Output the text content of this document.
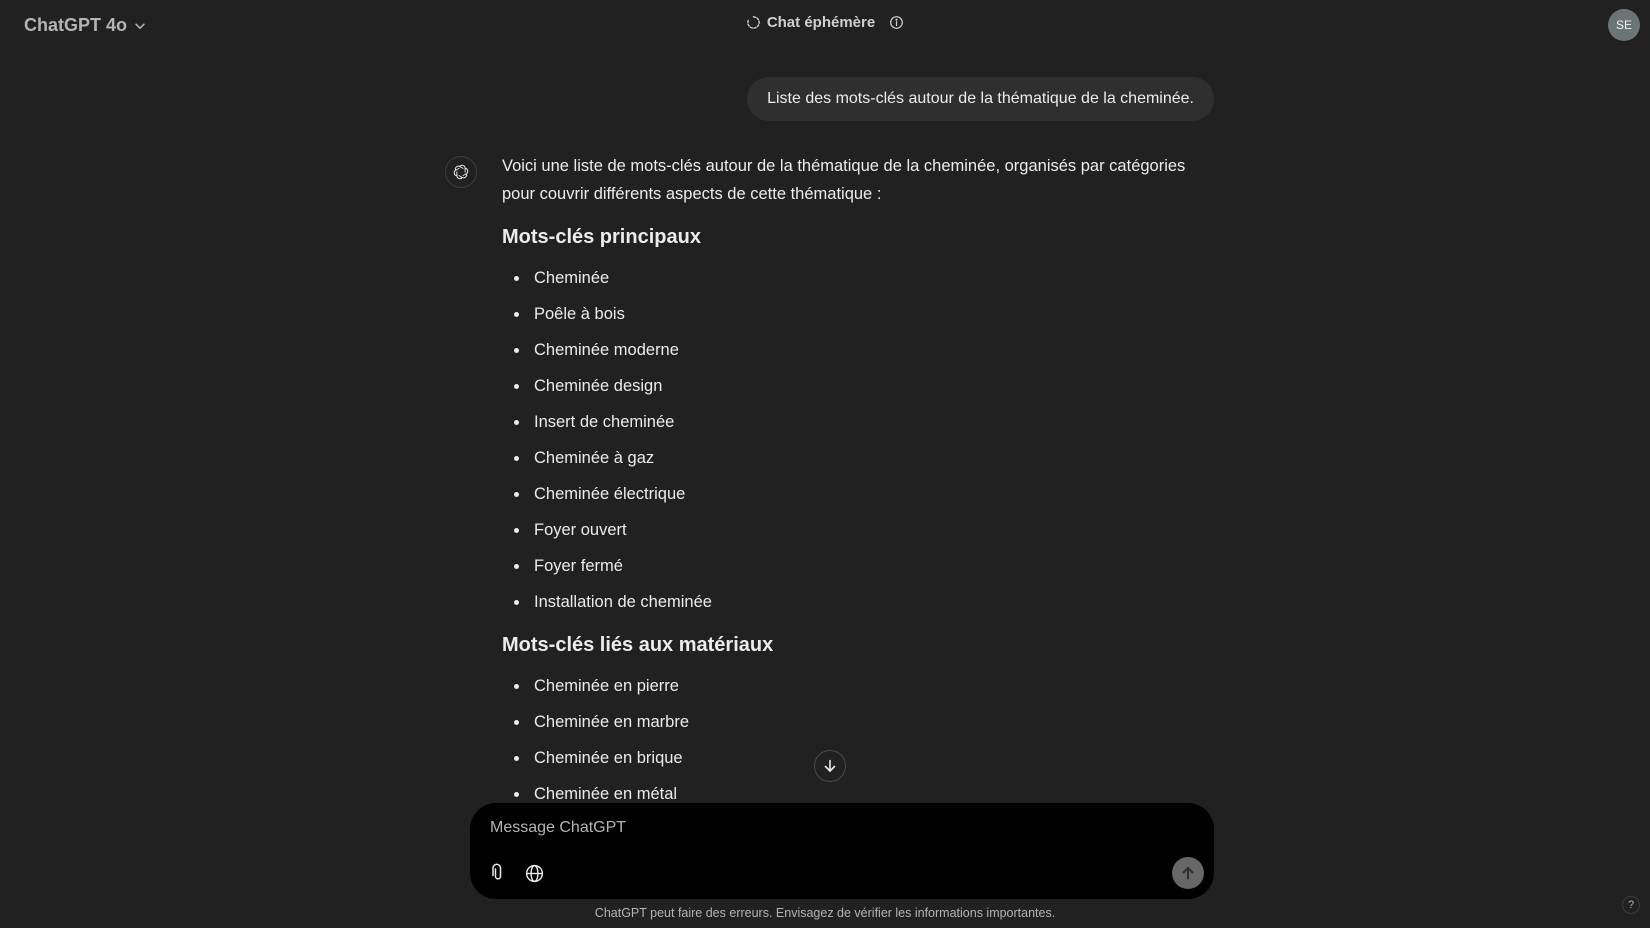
ChatGPT 4o	Chat éphémère	SE
Liste des mots-clés autour de la thématique de la cheminée.

Voici une liste de mots-clés autour de la thématique de la cheminée, organisés par catégories pour couvrir différents aspects de cette thématique :

Mots-clés principaux
Cheminée
Poêle à bois
Cheminée moderne
Cheminée design
Insert de cheminée
Cheminée à gaz
Cheminée électrique
Foyer ouvert
Foyer fermé
Installation de cheminée
Mots-clés liés aux matériaux
Cheminée en pierre
Cheminée en marbre
Cheminée en brique
Cheminée en métal
Message ChatGPT
ChatGPT peut faire des erreurs. Envisagez de vérifier les informations importantes.
?
